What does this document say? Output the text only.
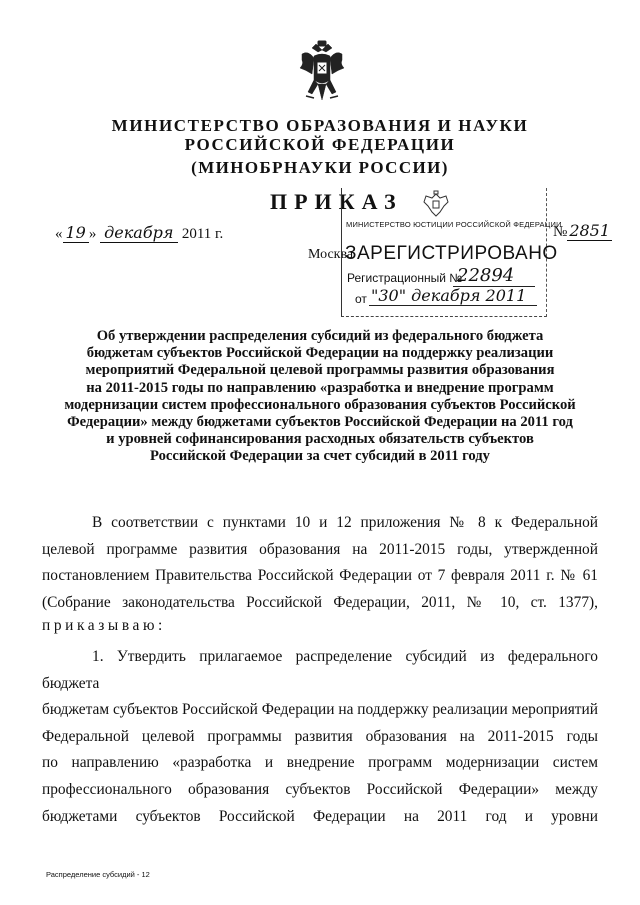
МИНИСТЕРСТВО ОБРАЗОВАНИЯ И НАУКИ
РОССИЙСКОЙ ФЕДЕРАЦИИ
(МИНОБРНАУКИ РОССИИ)
ПРИКАЗ
« 19 » декабря 2011 г.
Москва
№ 2851
МИНИСТЕРСТВО ЮСТИЦИИ РОССИЙСКОЙ ФЕДЕРАЦИИ
ЗАРЕГИСТРИРОВАНО
Регистрационный №
22894
от "30" декабря 2011
Об утверждении распределения субсидий из федерального бюджета
бюджетам субъектов Российской Федерации на поддержку реализации
мероприятий Федеральной целевой программы развития образования
на 2011-2015 годы по направлению «разработка и внедрение программ
модернизации систем профессионального образования субъектов Российской
Федерации» между бюджетами субъектов Российской Федерации на 2011 год
и уровней софинансирования расходных обязательств субъектов
Российской Федерации за счет субсидий в 2011 году
В соответствии с пунктами 10 и 12 приложения № 8 к Федеральной
целевой программе развития образования на 2011-2015 годы, утвержденной
постановлением Правительства Российской Федерации от 7 февраля 2011 г. № 61
(Собрание законодательства Российской Федерации, 2011, № 10, ст. 1377),
приказываю:
1. Утвердить прилагаемое распределение субсидий из федерального бюджета
бюджетам субъектов Российской Федерации на поддержку реализации мероприятий
Федеральной целевой программы развития образования на 2011-2015 годы
по направлению «разработка и внедрение программ модернизации систем
профессионального образования субъектов Российской Федерации» между
бюджетами субъектов Российской Федерации на 2011 год и уровни
Распределение субсидий - 12
